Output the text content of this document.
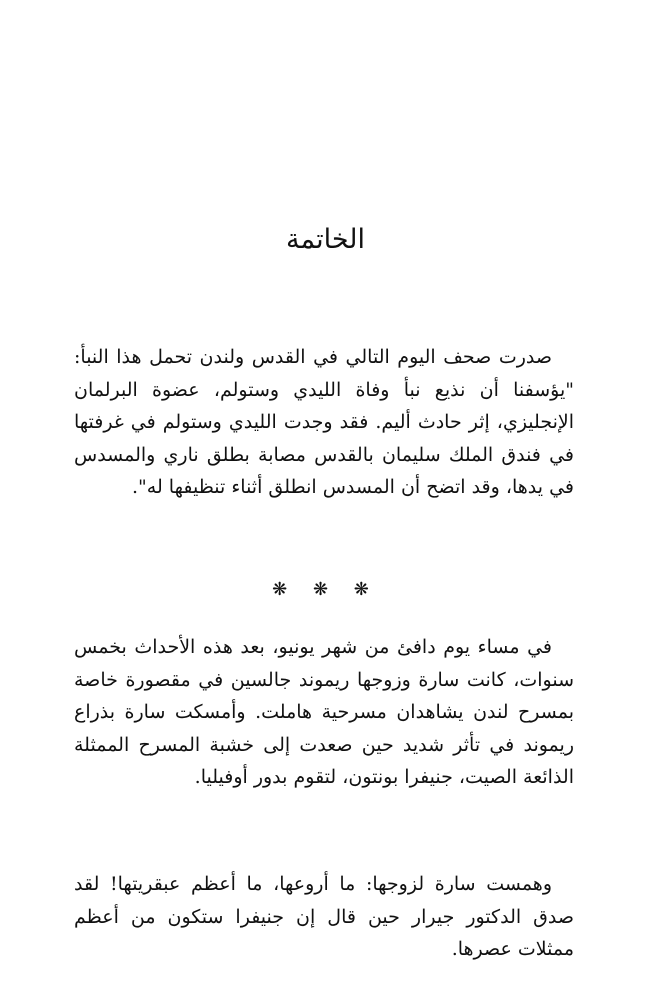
الخاتمة

صدرت صحف اليوم التالي في القدس ولندن تحمل هذا النبأ: "يؤسفنا أن نذيع نبأ وفاة الليدي وستولم، عضوة البرلمان الإنجليزي، إثر حادث أليم. فقد وجدت الليدي وستولم في غرفتها في فندق الملك سليمان بالقدس مصابة بطلق ناري والمسدس في يدها، وقد اتضح أن المسدس انطلق أثناء تنظيفها له".

❋ ❋ ❋

في مساء يوم دافئ من شهر يونيو، بعد هذه الأحداث بخمس سنوات، كانت سارة وزوجها ريموند جالسين في مقصورة خاصة بمسرح لندن يشاهدان مسرحية هاملت. وأمسكت سارة بذراع ريموند في تأثر شديد حين صعدت إلى خشبة المسرح الممثلة الذائعة الصيت، جنيفرا بونتون، لتقوم بدور أوفيليا.

وهمست سارة لزوجها: ما أروعها، ما أعظم عبقريتها! لقد صدق الدكتور جيرار حين قال إن جنيفرا ستكون من أعظم ممثلات عصرها.
